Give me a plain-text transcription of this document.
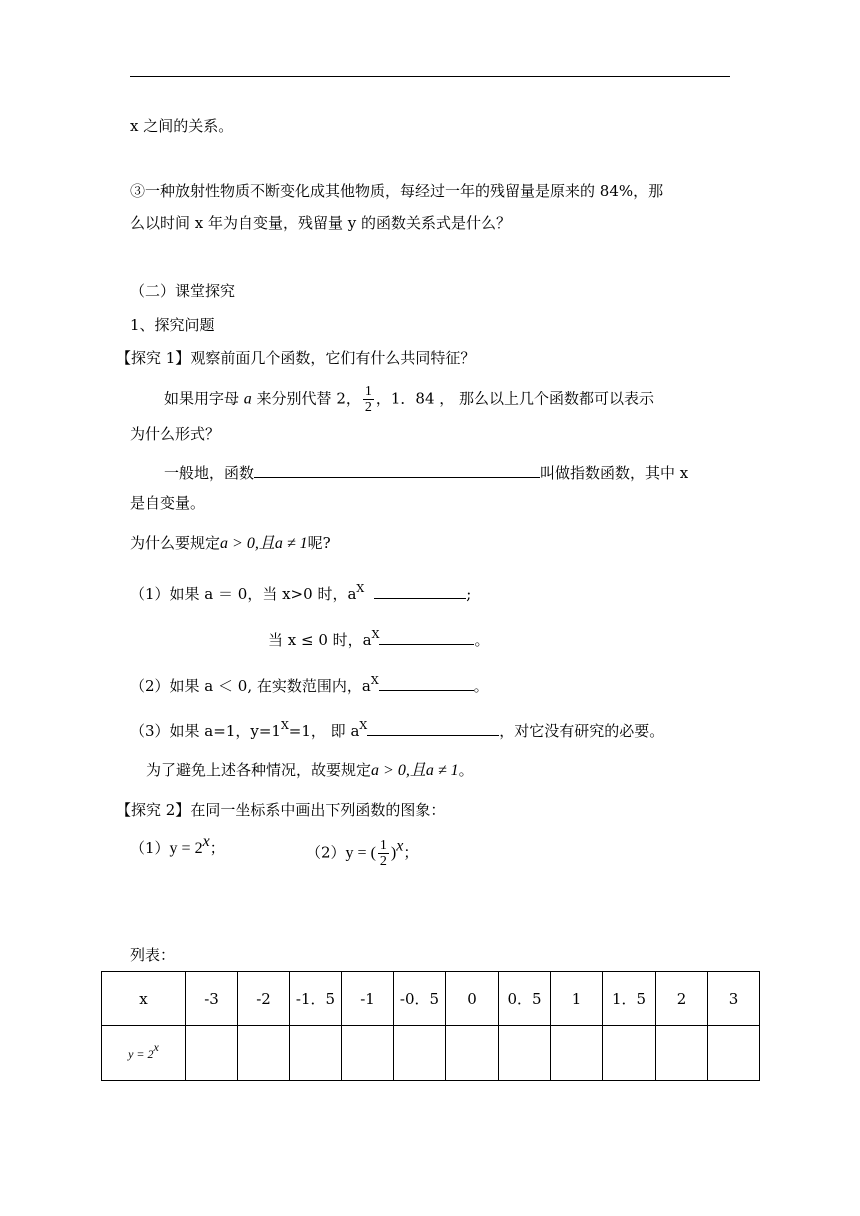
x 之间的关系。
③一种放射性物质不断变化成其他物质，每经过一年的残留量是原来的 84%，那
么以时间 x 年为自变量，残留量 y 的函数关系式是什么？
（二）课堂探究
1、探究问题
【探究 1】观察前面几个函数，它们有什么共同特征？
如果用字母 a 来分别代替 2， $\frac{1}{2}$ ，1．84 ， 那么以上几个函数都可以表示
为什么形式？
一般地，函数	叫做指数函数，其中 x
是自变量。
为什么要规定a > 0,且a ≠ 1呢?
（1）如果 a ＝ 0，当 x>0 时，$a^X$	;
当 x ≤ 0 时，$a^X$	。
（2）如果 a ＜ 0, 在实数范围内，$a^X$	。
（3）如果 a=1，$y=1^X=1$， 即 $a^X$	，对它没有研究的必要。
为了避免上述各种情况，故要规定a > 0,且a ≠ 1。
【探究 2】在同一坐标系中画出下列函数的图象：
$(1)y = 2^x$；	（2）y = ( $\frac{1}{2} )^x$；
列表：
x	-3	-2	-1．5	-1	-0．5	0	0．5	1	1．5	2	3
$y = 2^x$											
